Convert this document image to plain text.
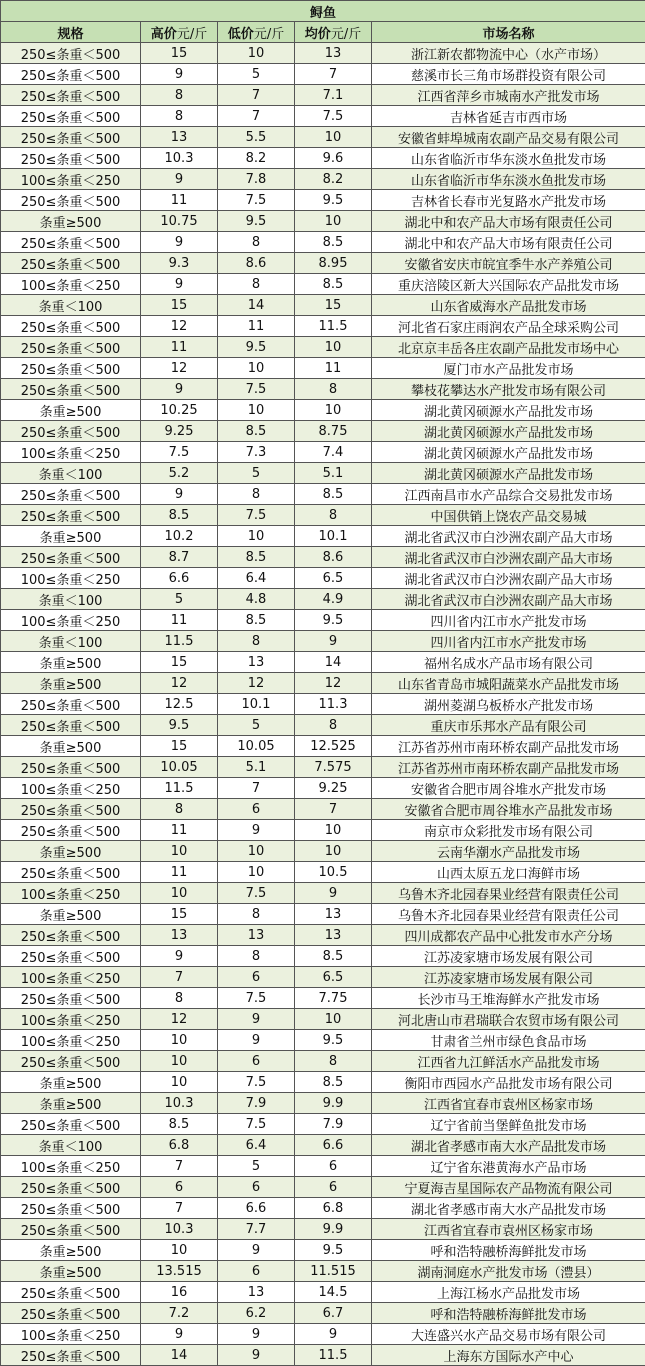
鲟鱼				
规格	高价元/斤	低价元/斤	均价元/斤	市场名称
250≤条重＜500	15	10	13	浙江新农都物流中心（水产市场）
250≤条重＜500	9	5	7	慈溪市长三角市场群投资有限公司
250≤条重＜500	8	7	7.1	江西省萍乡市城南水产批发市场
250≤条重＜500	8	7	7.5	吉林省延吉市西市场
250≤条重＜500	13	5.5	10	安徽省蚌埠城南农副产品交易有限公司
250≤条重＜500	10.3	8.2	9.6	山东省临沂市华东淡水鱼批发市场
100≤条重＜250	9	7.8	8.2	山东省临沂市华东淡水鱼批发市场
250≤条重＜500	11	7.5	9.5	吉林省长春市光复路水产批发市场
条重≥500	10.75	9.5	10	湖北中和农产品大市场有限责任公司
250≤条重＜500	9	8	8.5	湖北中和农产品大市场有限责任公司
250≤条重＜500	9.3	8.6	8.95	安徽省安庆市皖宜季牛水产养殖公司
100≤条重＜250	9	8	8.5	重庆涪陵区新大兴国际农产品批发市场
条重＜100	15	14	15	山东省威海水产品批发市场
250≤条重＜500	12	11	11.5	河北省石家庄雨润农产品全球采购公司
250≤条重＜500	11	9.5	10	北京京丰岳各庄农副产品批发市场中心
250≤条重＜500	12	10	11	厦门市水产品批发市场
250≤条重＜500	9	7.5	8	攀枝花攀达水产批发市场有限公司
条重≥500	10.25	10	10	湖北黄冈硕源水产品批发市场
250≤条重＜500	9.25	8.5	8.75	湖北黄冈硕源水产品批发市场
100≤条重＜250	7.5	7.3	7.4	湖北黄冈硕源水产品批发市场
条重＜100	5.2	5	5.1	湖北黄冈硕源水产品批发市场
250≤条重＜500	9	8	8.5	江西南昌市水产品综合交易批发市场
250≤条重＜500	8.5	7.5	8	中国供销上饶农产品交易城
条重≥500	10.2	10	10.1	湖北省武汉市白沙洲农副产品大市场
250≤条重＜500	8.7	8.5	8.6	湖北省武汉市白沙洲农副产品大市场
100≤条重＜250	6.6	6.4	6.5	湖北省武汉市白沙洲农副产品大市场
条重＜100	5	4.8	4.9	湖北省武汉市白沙洲农副产品大市场
100≤条重＜250	11	8.5	9.5	四川省内江市水产批发市场
条重＜100	11.5	8	9	四川省内江市水产批发市场
条重≥500	15	13	14	福州名成水产品市场有限公司
条重≥500	12	12	12	山东省青岛市城阳蔬菜水产品批发市场
250≤条重＜500	12.5	10.1	11.3	湖州菱湖乌板桥水产批发市场
250≤条重＜500	9.5	5	8	重庆市乐邦水产品有限公司
条重≥500	15	10.05	12.525	江苏省苏州市南环桥农副产品批发市场
250≤条重＜500	10.05	5.1	7.575	江苏省苏州市南环桥农副产品批发市场
100≤条重＜250	11.5	7	9.25	安徽省合肥市周谷堆水产批发市场
250≤条重＜500	8	6	7	安徽省合肥市周谷堆水产品批发市场
250≤条重＜500	11	9	10	南京市众彩批发市场有限公司
条重≥500	10	10	10	云南华潮水产品批发市场
250≤条重＜500	11	10	10.5	山西太原五龙口海鲜市场
100≤条重＜250	10	7.5	9	乌鲁木齐北园春果业经营有限责任公司
条重≥500	15	8	13	乌鲁木齐北园春果业经营有限责任公司
250≤条重＜500	13	13	13	四川成都农产品中心批发市水产分场
250≤条重＜500	9	8	8.5	江苏凌家塘市场发展有限公司
100≤条重＜250	7	6	6.5	江苏凌家塘市场发展有限公司
250≤条重＜500	8	7.5	7.75	长沙市马王堆海鲜水产批发市场
100≤条重＜250	12	9	10	河北唐山市君瑞联合农贸市场有限公司
100≤条重＜250	10	9	9.5	甘肃省兰州市绿色食品市场
250≤条重＜500	10	6	8	江西省九江鲜活水产品批发市场
条重≥500	10	7.5	8.5	衡阳市西园水产品批发市场有限公司
条重≥500	10.3	7.9	9.9	江西省宜春市袁州区杨家市场
250≤条重＜500	8.5	7.5	7.9	辽宁省前当堡鲜鱼批发市场
条重＜100	6.8	6.4	6.6	湖北省孝感市南大水产品批发市场
100≤条重＜250	7	5	6	辽宁省东港黄海水产品市场
250≤条重＜500	6	6	6	宁夏海吉星国际农产品物流有限公司
250≤条重＜500	7	6.6	6.8	湖北省孝感市南大水产品批发市场
250≤条重＜500	10.3	7.7	9.9	江西省宜春市袁州区杨家市场
条重≥500	10	9	9.5	呼和浩特融桥海鲜批发市场
条重≥500	13.515	6	11.515	湖南洞庭水产批发市场（澧县）
250≤条重＜500	16	13	14.5	上海江杨水产品批发市场
250≤条重＜500	7.2	6.2	6.7	呼和浩特融桥海鲜批发市场
100≤条重＜250	9	9	9	大连盛兴水产品交易市场有限公司
250≤条重＜500	14	9	11.5	上海东方国际水产中心
